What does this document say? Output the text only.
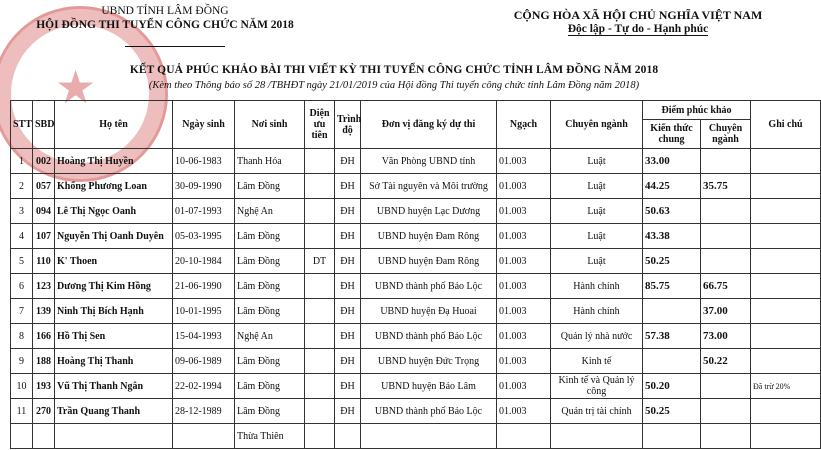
★
UBND TỈNH LÂM ĐỒNG
HỘI ĐỒNG THI TUYỂN CÔNG CHỨC NĂM 2018
CỘNG HÒA XÃ HỘI CHỦ NGHĨA VIỆT NAM
Độc lập - Tự do - Hạnh phúc
KẾT QUẢ PHÚC KHẢO BÀI THI VIẾT KỲ THI TUYỂN CÔNG CHỨC TỈNH LÂM ĐỒNG NĂM 2018
(Kèm theo Thông báo số 28 /TBHĐT ngày 21/01/2019 của Hội đồng Thi tuyển công chức tỉnh Lâm Đồng năm 2018)
STT	SBD	Họ tên	Ngày sinh	Nơi sinh	Diện ưu tiên	Trình độ	Đơn vị đăng ký dự thi	Ngạch	Chuyên ngành	Điểm phúc khảo		Ghi chú
										Kiến thức chung	Chuyên ngành	
1	002	Hoàng Thị Huyền	10-06-1983	Thanh Hóa		ĐH	Văn Phòng UBND tỉnh	01.003	Luật	33.00		
2	057	Khổng Phương Loan	30-09-1990	Lâm Đồng		ĐH	Sở Tài nguyên và Môi trường	01.003	Luật	44.25	35.75	
3	094	Lê Thị Ngọc Oanh	01-07-1993	Nghệ An		ĐH	UBND huyện Lạc Dương	01.003	Luật	50.63		
4	107	Nguyễn Thị Oanh Duyên	05-03-1995	Lâm Đồng		ĐH	UBND huyện Đam Rông	01.003	Luật	43.38		
5	110	K' Thoen	20-10-1984	Lâm Đồng	DT	ĐH	UBND huyện Đam Rông	01.003	Luật	50.25		
6	123	Dương Thị Kim Hồng	21-06-1990	Lâm Đồng		ĐH	UBND thành phố Bảo Lộc	01.003	Hành chính	85.75	66.75	
7	139	Ninh Thị Bích Hạnh	10-01-1995	Lâm Đồng		ĐH	UBND huyện Đạ Huoai	01.003	Hành chính		37.00	
8	166	Hồ Thị Sen	15-04-1993	Nghệ An		ĐH	UBND thành phố Bảo Lộc	01.003	Quản lý nhà nước	57.38	73.00	
9	188	Hoàng Thị Thanh	09-06-1989	Lâm Đồng		ĐH	UBND huyện Đức Trọng	01.003	Kinh tế		50.22	
10	193	Vũ Thị Thanh Ngân	22-02-1994	Lâm Đồng		ĐH	UBND huyện Bảo Lâm	01.003	Kinh tế và Quản lý công	50.20		Đã trừ 20%
11	270	Trần Quang Thanh	28-12-1989	Lâm Đồng		ĐH	UBND thành phố Bảo Lộc	01.003	Quản trị tài chính	50.25		
				Thừa Thiên								
